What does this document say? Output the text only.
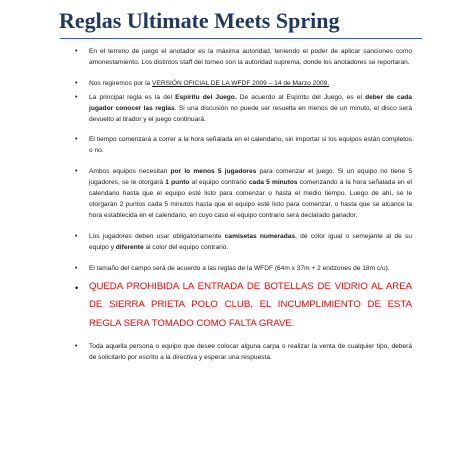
Reglas Ultimate Meets Spring
• En el terreno de juego el anotador es la máxima autoridad, teniendo el poder de aplicar sanciones como amonestamiento. Los distintos staff del torneo son la autoridad suprema, donde los anotadores se reportaran.
• Nos regiremos por la VERSIÓN OFICIAL DE LA WFDF 2009 – 14 de Marzo 2009.
• La principal regla es la del Espíritu del Juego. De acuerdo al Espíritu del Juego, es el deber de cada jugador conocer las reglas. Si una discusión no puede ser resuelta en menos de un minuto, el disco será devuelto al tirador y el juego continuará.
• El tiempo comenzará a correr a la hora señalada en el calendario, sin importar si los equipos están completos o no.
• Ambos equipos necesitan por lo menos 5 jugadores para comenzar el juego. Si un equipo no tiene 5 jugadores, se le otorgará 1 punto al equipo contrario cada 5 minutos comenzando a la hora señalada en el calendario hasta que el equipo esté listo para comenzar o hasta el medio tiempo. Luego de ahí, se le otorgarán 2 puntos cada 5 minutos hasta que el equipo esté listo para comenzar, o hasta que se alcance la hora establecida en el calendario, en cuyo caso el equipo contrario será declarado ganador.
• Los jugadores deben usar obligatoriamente camisetas numeradas, de color igual o semejante al de su equipo y diferente al color del equipo contrario.
• El tamaño del campo será de acuerdo a las reglas de la WFDF (64m x 37m + 2 endzones de 18m c/u).
• QUEDA PROHIBIDA LA ENTRADA DE BOTELLAS DE VIDRIO AL AREA DE SIERRA PRIETA POLO CLUB, EL INCUMPLIMIENTO DE ESTA REGLA SERA TOMADO COMO FALTA GRAVE.
• Toda aquella persona o equipo que desee colocar alguna carpa o realizar la venta de cualquier tipo, deberá de solicitarlo por escrito a la directiva y esperar una respuesta.
